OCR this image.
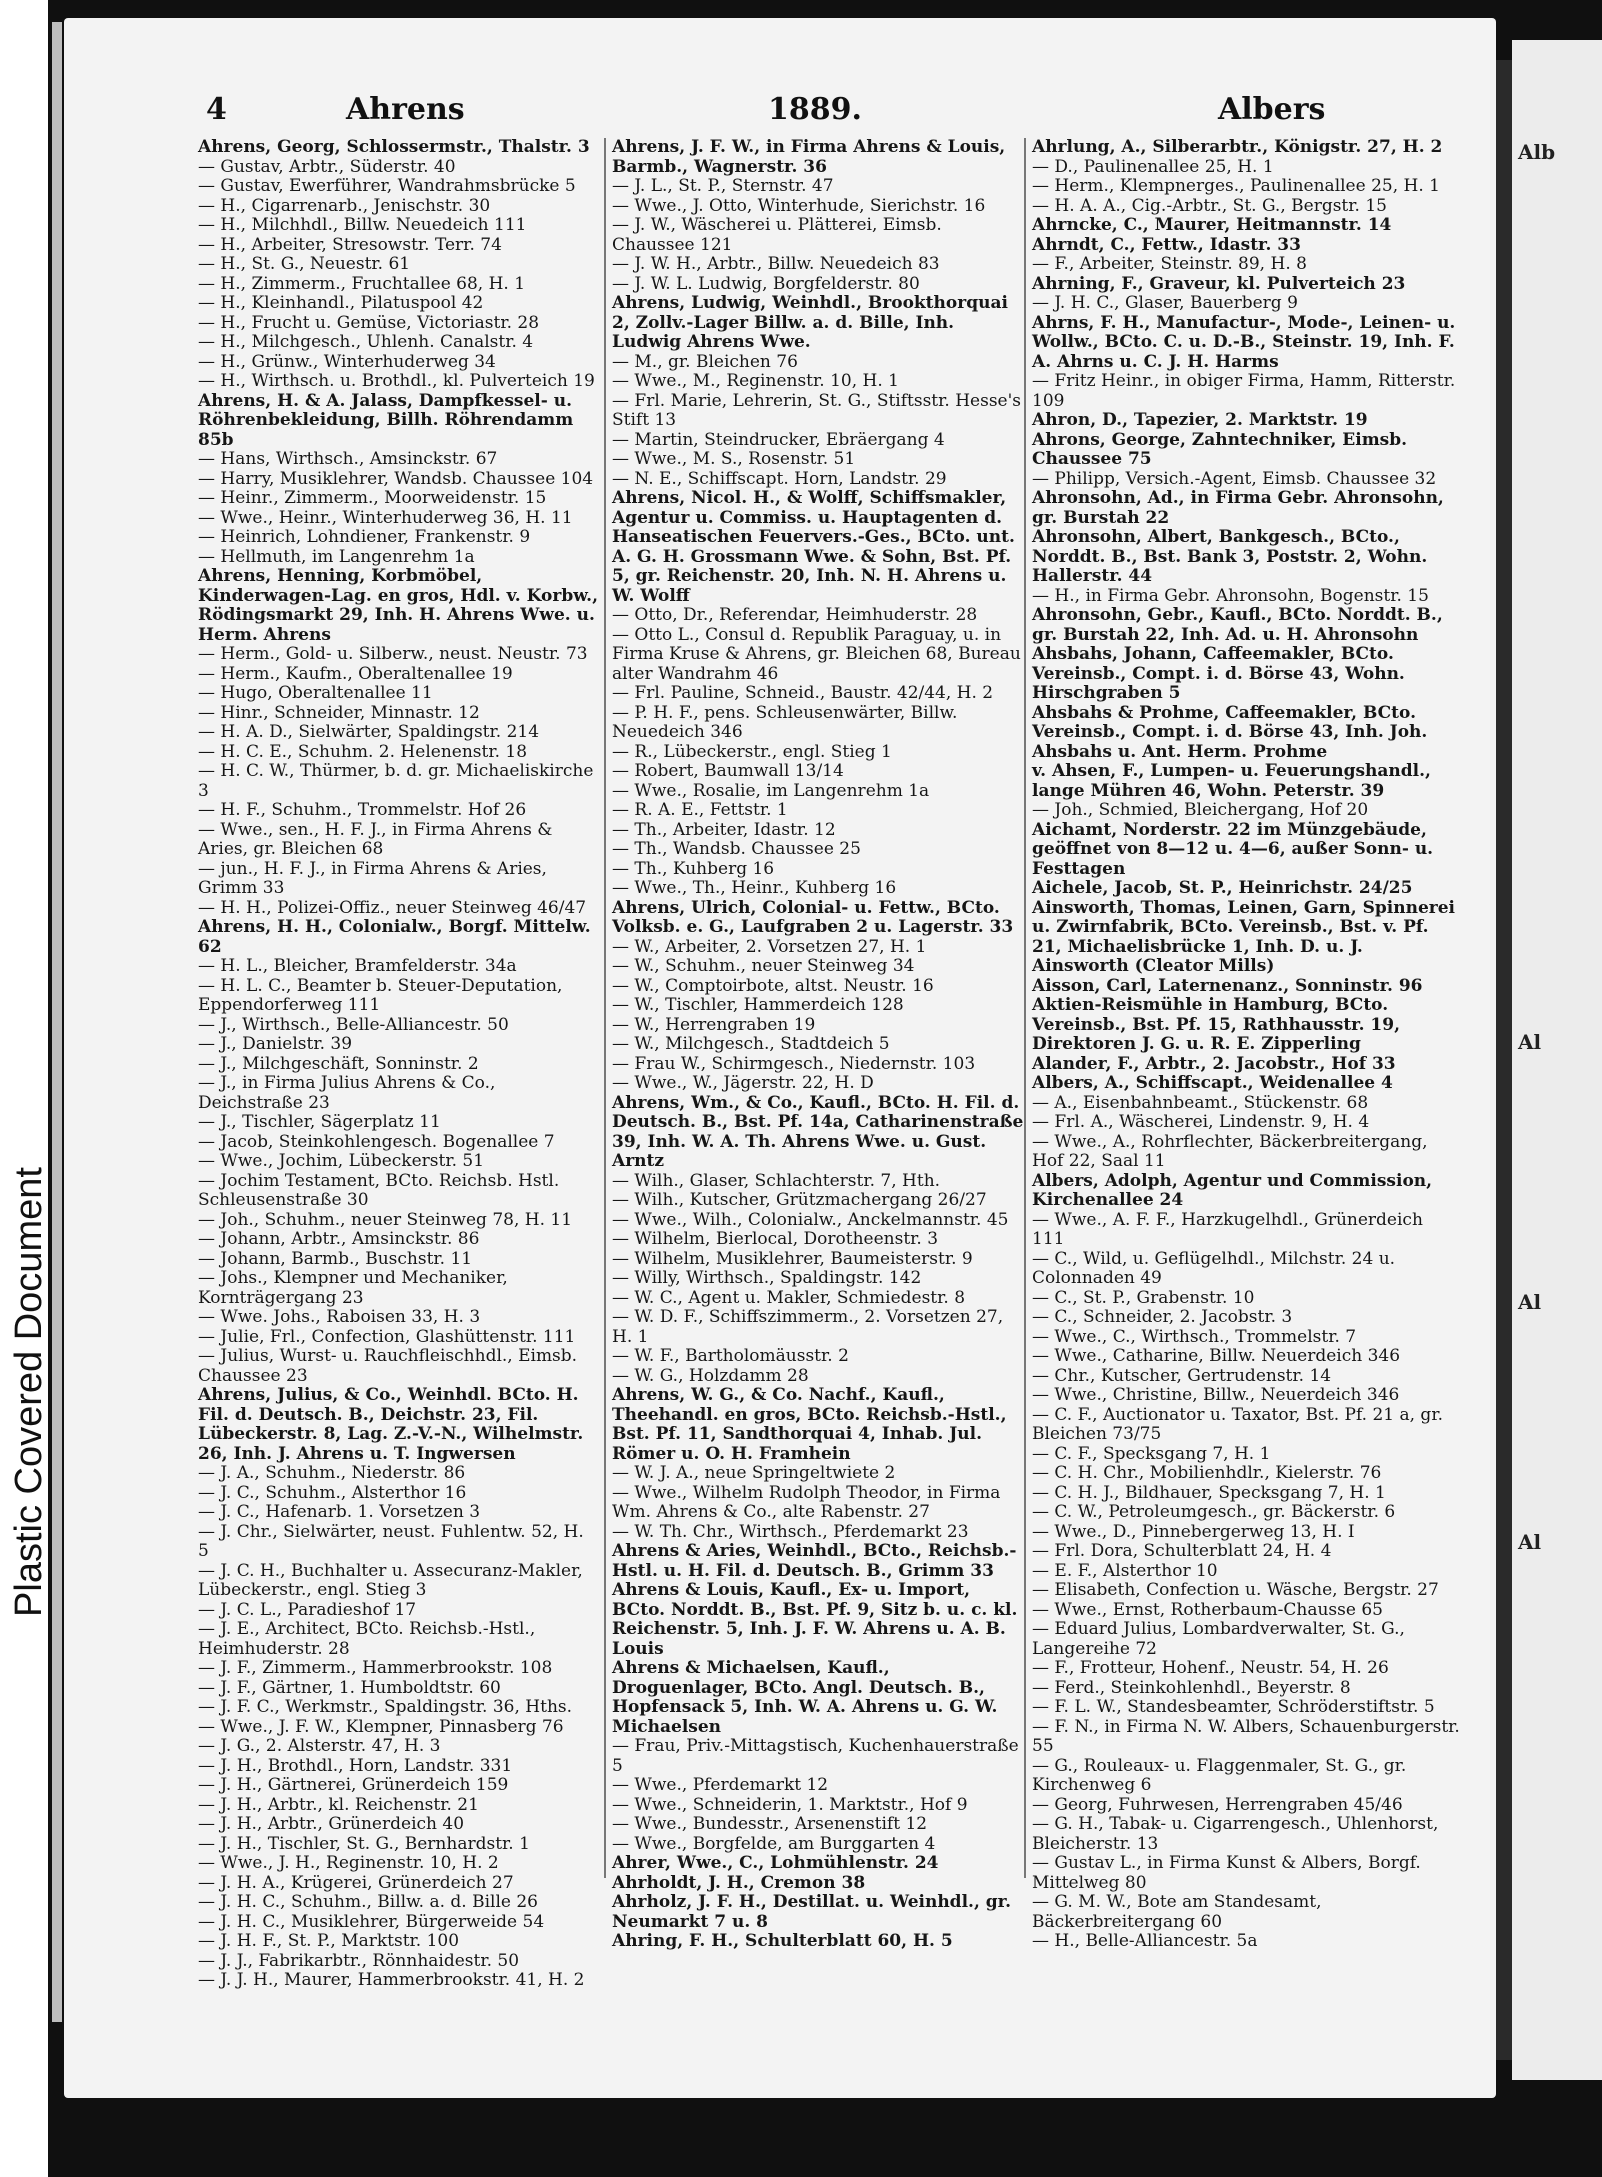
Plastic Covered Document
Alb
Al
Al
Al
4	Ahrens	1889.	Albers

Ahrens, Georg, Schlossermstr., Thalstr. 3

— Gustav, Arbtr., Süderstr. 40

— Gustav, Ewerführer, Wandrahmsbrücke 5

— H., Cigarrenarb., Jenischstr. 30

— H., Milchhdl., Billw. Neuedeich 111

— H., Arbeiter, Stresowstr. Terr. 74

— H., St. G., Neuestr. 61

— H., Zimmerm., Fruchtallee 68, H. 1

— H., Kleinhandl., Pilatuspool 42

— H., Frucht u. Gemüse, Victoriastr. 28

— H., Milchgesch., Uhlenh. Canalstr. 4

— H., Grünw., Winterhuderweg 34

— H., Wirthsch. u. Brothdl., kl. Pulverteich 19

Ahrens, H. & A. Jalass, Dampfkessel- u. Röhrenbekleidung, Billh. Röhrendamm 85b

— Hans, Wirthsch., Amsinckstr. 67

— Harry, Musiklehrer, Wandsb. Chaussee 104

— Heinr., Zimmerm., Moorweidenstr. 15

— Wwe., Heinr., Winterhuderweg 36, H. 11

— Heinrich, Lohndiener, Frankenstr. 9

— Hellmuth, im Langenrehm 1a

Ahrens, Henning, Korbmöbel, Kinderwagen-Lag. en gros, Hdl. v. Korbw., Rödingsmarkt 29, Inh. H. Ahrens Wwe. u. Herm. Ahrens

— Herm., Gold- u. Silberw., neust. Neustr. 73

— Herm., Kaufm., Oberaltenallee 19

— Hugo, Oberaltenallee 11

— Hinr., Schneider, Minnastr. 12

— H. A. D., Sielwärter, Spaldingstr. 214

— H. C. E., Schuhm. 2. Helenenstr. 18

— H. C. W., Thürmer, b. d. gr. Michaeliskirche 3

— H. F., Schuhm., Trommelstr. Hof 26

— Wwe., sen., H. F. J., in Firma Ahrens & Aries, gr. Bleichen 68

— jun., H. F. J., in Firma Ahrens & Aries, Grimm 33

— H. H., Polizei-Offiz., neuer Steinweg 46/47

Ahrens, H. H., Colonialw., Borgf. Mittelw. 62

— H. L., Bleicher, Bramfelderstr. 34a

— H. L. C., Beamter b. Steuer-Deputation, Eppendorferweg 111

— J., Wirthsch., Belle-Alliancestr. 50

— J., Danielstr. 39

— J., Milchgeschäft, Sonninstr. 2

— J., in Firma Julius Ahrens & Co., Deichstraße 23

— J., Tischler, Sägerplatz 11

— Jacob, Steinkohlengesch. Bogenallee 7

— Wwe., Jochim, Lübeckerstr. 51

— Jochim Testament, BCto. Reichsb. Hstl. Schleusenstraße 30

— Joh., Schuhm., neuer Steinweg 78, H. 11

— Johann, Arbtr., Amsinckstr. 86

— Johann, Barmb., Buschstr. 11

— Johs., Klempner und Mechaniker, Kornträgergang 23

— Wwe. Johs., Raboisen 33, H. 3

— Julie, Frl., Confection, Glashüttenstr. 111

— Julius, Wurst- u. Rauchfleischhdl., Eimsb. Chaussee 23

Ahrens, Julius, & Co., Weinhdl. BCto. H. Fil. d. Deutsch. B., Deichstr. 23, Fil. Lübeckerstr. 8, Lag. Z.-V.-N., Wilhelmstr. 26, Inh. J. Ahrens u. T. Ingwersen

— J. A., Schuhm., Niederstr. 86

— J. C., Schuhm., Alsterthor 16

— J. C., Hafenarb. 1. Vorsetzen 3

— J. Chr., Sielwärter, neust. Fuhlentw. 52, H. 5

— J. C. H., Buchhalter u. Assecuranz-Makler, Lübeckerstr., engl. Stieg 3

— J. C. L., Paradieshof 17

— J. E., Architect, BCto. Reichsb.-Hstl., Heimhuderstr. 28

— J. F., Zimmerm., Hammerbrookstr. 108

— J. F., Gärtner, 1. Humboldtstr. 60

— J. F. C., Werkmstr., Spaldingstr. 36, Hths.

— Wwe., J. F. W., Klempner, Pinnasberg 76

— J. G., 2. Alsterstr. 47, H. 3

— J. H., Brothdl., Horn, Landstr. 331

— J. H., Gärtnerei, Grünerdeich 159

— J. H., Arbtr., kl. Reichenstr. 21

— J. H., Arbtr., Grünerdeich 40

— J. H., Tischler, St. G., Bernhardstr. 1

— Wwe., J. H., Reginenstr. 10, H. 2

— J. H. A., Krügerei, Grünerdeich 27

— J. H. C., Schuhm., Billw. a. d. Bille 26

— J. H. C., Musiklehrer, Bürgerweide 54

— J. H. F., St. P., Marktstr. 100

— J. J., Fabrikarbtr., Rönnhaidestr. 50

— J. J. H., Maurer, Hammerbrookstr. 41, H. 2

Ahrens, J. F. W., in Firma Ahrens & Louis, Barmb., Wagnerstr. 36

— J. L., St. P., Sternstr. 47

— Wwe., J. Otto, Winterhude, Sierichstr. 16

— J. W., Wäscherei u. Plätterei, Eimsb. Chaussee 121

— J. W. H., Arbtr., Billw. Neuedeich 83

— J. W. L. Ludwig, Borgfelderstr. 80

Ahrens, Ludwig, Weinhdl., Brookthorquai 2, Zollv.-Lager Billw. a. d. Bille, Inh. Ludwig Ahrens Wwe.

— M., gr. Bleichen 76

— Wwe., M., Reginenstr. 10, H. 1

— Frl. Marie, Lehrerin, St. G., Stiftsstr. Hesse's Stift 13

— Martin, Steindrucker, Ebräergang 4

— Wwe., M. S., Rosenstr. 51

— N. E., Schiffscapt. Horn, Landstr. 29

Ahrens, Nicol. H., & Wolff, Schiffsmakler, Agentur u. Commiss. u. Hauptagenten d. Hanseatischen Feuervers.-Ges., BCto. unt. A. G. H. Grossmann Wwe. & Sohn, Bst. Pf. 5, gr. Reichenstr. 20, Inh. N. H. Ahrens u. W. Wolff

— Otto, Dr., Referendar, Heimhuderstr. 28

— Otto L., Consul d. Republik Paraguay, u. in Firma Kruse & Ahrens, gr. Bleichen 68, Bureau alter Wandrahm 46

— Frl. Pauline, Schneid., Baustr. 42/44, H. 2

— P. H. F., pens. Schleusenwärter, Billw. Neuedeich 346

— R., Lübeckerstr., engl. Stieg 1

— Robert, Baumwall 13/14

— Wwe., Rosalie, im Langenrehm 1a

— R. A. E., Fettstr. 1

— Th., Arbeiter, Idastr. 12

— Th., Wandsb. Chaussee 25

— Th., Kuhberg 16

— Wwe., Th., Heinr., Kuhberg 16

Ahrens, Ulrich, Colonial- u. Fettw., BCto. Volksb. e. G., Laufgraben 2 u. Lagerstr. 33

— W., Arbeiter, 2. Vorsetzen 27, H. 1

— W., Schuhm., neuer Steinweg 34

— W., Comptoirbote, altst. Neustr. 16

— W., Tischler, Hammerdeich 128

— W., Herrengraben 19

— W., Milchgesch., Stadtdeich 5

— Frau W., Schirmgesch., Niedernstr. 103

— Wwe., W., Jägerstr. 22, H. D

Ahrens, Wm., & Co., Kaufl., BCto. H. Fil. d. Deutsch. B., Bst. Pf. 14a, Catharinenstraße 39, Inh. W. A. Th. Ahrens Wwe. u. Gust. Arntz

— Wilh., Glaser, Schlachterstr. 7, Hth.

— Wilh., Kutscher, Grützmachergang 26/27

— Wwe., Wilh., Colonialw., Anckelmannstr. 45

— Wilhelm, Bierlocal, Dorotheenstr. 3

— Wilhelm, Musiklehrer, Baumeisterstr. 9

— Willy, Wirthsch., Spaldingstr. 142

— W. C., Agent u. Makler, Schmiedestr. 8

— W. D. F., Schiffszimmerm., 2. Vorsetzen 27, H. 1

— W. F., Bartholomäusstr. 2

— W. G., Holzdamm 28

Ahrens, W. G., & Co. Nachf., Kaufl., Theehandl. en gros, BCto. Reichsb.-Hstl., Bst. Pf. 11, Sandthorquai 4, Inhab. Jul. Römer u. O. H. Framhein

— W. J. A., neue Springeltwiete 2

— Wwe., Wilhelm Rudolph Theodor, in Firma Wm. Ahrens & Co., alte Rabenstr. 27

— W. Th. Chr., Wirthsch., Pferdemarkt 23

Ahrens & Aries, Weinhdl., BCto., Reichsb.-Hstl. u. H. Fil. d. Deutsch. B., Grimm 33

Ahrens & Louis, Kaufl., Ex- u. Import, BCto. Norddt. B., Bst. Pf. 9, Sitz b. u. c. kl. Reichenstr. 5, Inh. J. F. W. Ahrens u. A. B. Louis

Ahrens & Michaelsen, Kaufl., Droguenlager, BCto. Angl. Deutsch. B., Hopfensack 5, Inh. W. A. Ahrens u. G. W. Michaelsen

— Frau, Priv.-Mittagstisch, Kuchenhauerstraße 5

— Wwe., Pferdemarkt 12

— Wwe., Schneiderin, 1. Marktstr., Hof 9

— Wwe., Bundesstr., Arsenenstift 12

— Wwe., Borgfelde, am Burggarten 4

Ahrer, Wwe., C., Lohmühlenstr. 24

Ahrholdt, J. H., Cremon 38

Ahrholz, J. F. H., Destillat. u. Weinhdl., gr. Neumarkt 7 u. 8

Ahring, F. H., Schulterblatt 60, H. 5

Ahrlung, A., Silberarbtr., Königstr. 27, H. 2

— D., Paulinenallee 25, H. 1

— Herm., Klempnerges., Paulinenallee 25, H. 1

— H. A. A., Cig.-Arbtr., St. G., Bergstr. 15

Ahrncke, C., Maurer, Heitmannstr. 14

Ahrndt, C., Fettw., Idastr. 33

— F., Arbeiter, Steinstr. 89, H. 8

Ahrning, F., Graveur, kl. Pulverteich 23

— J. H. C., Glaser, Bauerberg 9

Ahrns, F. H., Manufactur-, Mode-, Leinen- u. Wollw., BCto. C. u. D.-B., Steinstr. 19, Inh. F. A. Ahrns u. C. J. H. Harms

— Fritz Heinr., in obiger Firma, Hamm, Ritterstr. 109

Ahron, D., Tapezier, 2. Marktstr. 19

Ahrons, George, Zahntechniker, Eimsb. Chaussee 75

— Philipp, Versich.-Agent, Eimsb. Chaussee 32

Ahronsohn, Ad., in Firma Gebr. Ahronsohn, gr. Burstah 22

Ahronsohn, Albert, Bankgesch., BCto., Norddt. B., Bst. Bank 3, Poststr. 2, Wohn. Hallerstr. 44

— H., in Firma Gebr. Ahronsohn, Bogenstr. 15

Ahronsohn, Gebr., Kaufl., BCto. Norddt. B., gr. Burstah 22, Inh. Ad. u. H. Ahronsohn

Ahsbahs, Johann, Caffeemakler, BCto. Vereinsb., Compt. i. d. Börse 43, Wohn. Hirschgraben 5

Ahsbahs & Prohme, Caffeemakler, BCto. Vereinsb., Compt. i. d. Börse 43, Inh. Joh. Ahsbahs u. Ant. Herm. Prohme

v. Ahsen, F., Lumpen- u. Feuerungshandl., lange Mühren 46, Wohn. Peterstr. 39

— Joh., Schmied, Bleichergang, Hof 20

Aichamt, Norderstr. 22 im Münzgebäude, geöffnet von 8—12 u. 4—6, außer Sonn- u. Festtagen

Aichele, Jacob, St. P., Heinrichstr. 24/25

Ainsworth, Thomas, Leinen, Garn, Spinnerei u. Zwirnfabrik, BCto. Vereinsb., Bst. v. Pf. 21, Michaelisbrücke 1, Inh. D. u. J. Ainsworth (Cleator Mills)

Aisson, Carl, Laternenanz., Sonninstr. 96

Aktien-Reismühle in Hamburg, BCto. Vereinsb., Bst. Pf. 15, Rathhausstr. 19, Direktoren J. G. u. R. E. Zipperling

Alander, F., Arbtr., 2. Jacobstr., Hof 33

Albers, A., Schiffscapt., Weidenallee 4

— A., Eisenbahnbeamt., Stückenstr. 68

— Frl. A., Wäscherei, Lindenstr. 9, H. 4

— Wwe., A., Rohrflechter, Bäckerbreitergang, Hof 22, Saal 11

Albers, Adolph, Agentur und Commission, Kirchenallee 24

— Wwe., A. F. F., Harzkugelhdl., Grünerdeich 111

— C., Wild, u. Geflügelhdl., Milchstr. 24 u. Colonnaden 49

— C., St. P., Grabenstr. 10

— C., Schneider, 2. Jacobstr. 3

— Wwe., C., Wirthsch., Trommelstr. 7

— Wwe., Catharine, Billw. Neuerdeich 346

— Chr., Kutscher, Gertrudenstr. 14

— Wwe., Christine, Billw., Neuerdeich 346

— C. F., Auctionator u. Taxator, Bst. Pf. 21 a, gr. Bleichen 73/75

— C. F., Specksgang 7, H. 1

— C. H. Chr., Mobilienhdlr., Kielerstr. 76

— C. H. J., Bildhauer, Specksgang 7, H. 1

— C. W., Petroleumgesch., gr. Bäckerstr. 6

— Wwe., D., Pinnebergerweg 13, H. I

— Frl. Dora, Schulterblatt 24, H. 4

— E. F., Alsterthor 10

— Elisabeth, Confection u. Wäsche, Bergstr. 27

— Wwe., Ernst, Rotherbaum-Chausse 65

— Eduard Julius, Lombardverwalter, St. G., Langereihe 72

— F., Frotteur, Hohenf., Neustr. 54, H. 26

— Ferd., Steinkohlenhdl., Beyerstr. 8

— F. L. W., Standesbeamter, Schröderstiftstr. 5

— F. N., in Firma N. W. Albers, Schauenburgerstr. 55

— G., Rouleaux- u. Flaggenmaler, St. G., gr. Kirchenweg 6

— Georg, Fuhrwesen, Herrengraben 45/46

— G. H., Tabak- u. Cigarrengesch., Uhlenhorst, Bleicherstr. 13

— Gustav L., in Firma Kunst & Albers, Borgf. Mittelweg 80

— G. M. W., Bote am Standesamt, Bäckerbreitergang 60

— H., Belle-Alliancestr. 5a
